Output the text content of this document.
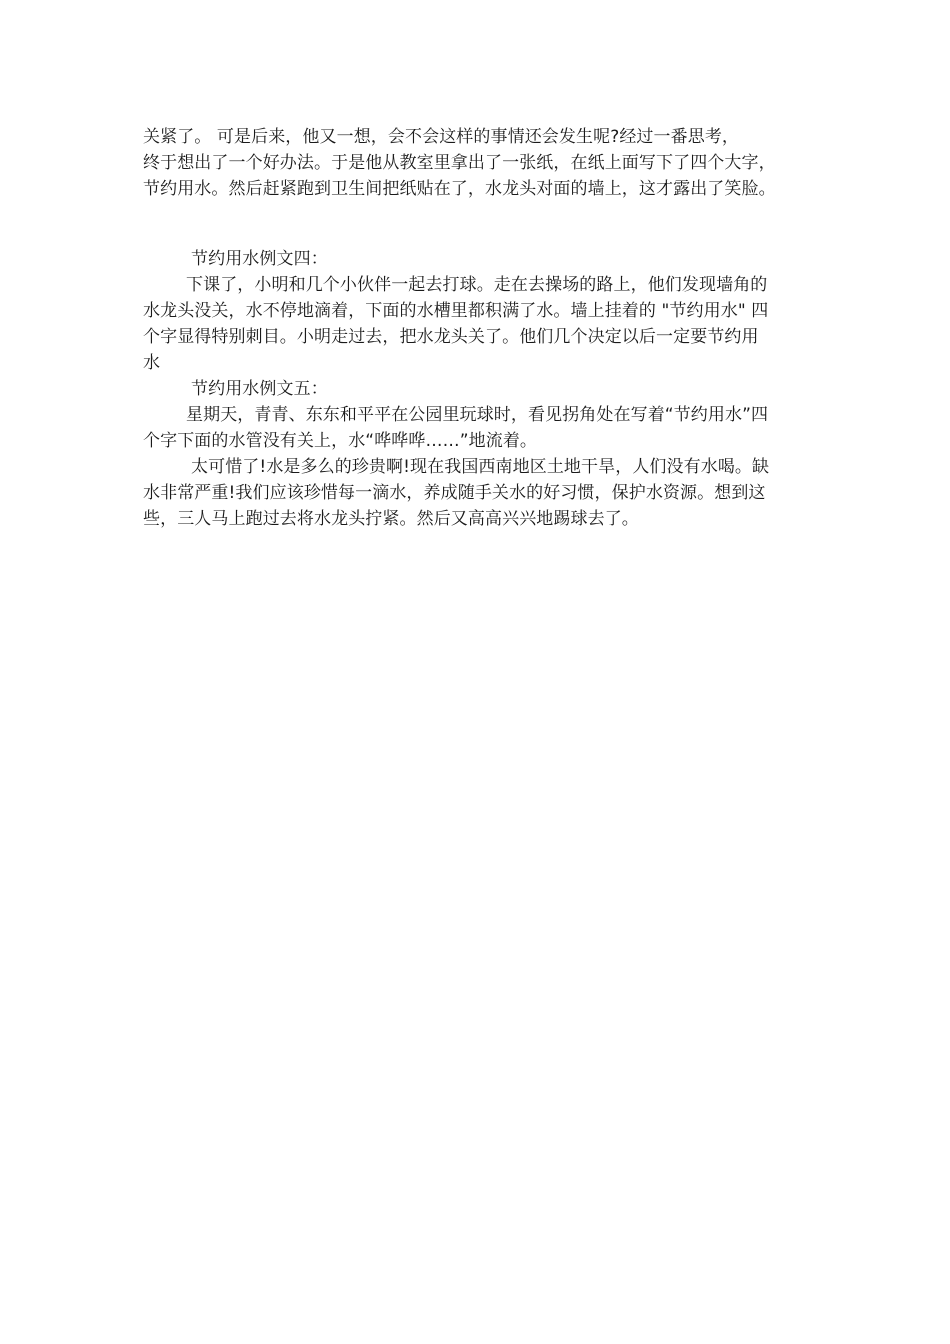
关紧了。 可是后来，他又一想，会不会这样的事情还会发生呢?经过一番思考，
终于想出了一个好办法。于是他从教室里拿出了一张纸，在纸上面写下了四个大字，
节约用水。然后赶紧跑到卫生间把纸贴在了，水龙头对面的墙上，这才露出了笑脸。
节约用水例文四：
下课了，小明和几个小伙伴一起去打球。走在去操场的路上，他们发现墙角的
水龙头没关，水不停地滴着，下面的水槽里都积满了水。墙上挂着的 "节约用水" 四
个字显得特别刺目。小明走过去，把水龙头关了。他们几个决定以后一定要节约用
水
节约用水例文五：
星期天，青青、东东和平平在公园里玩球时，看见拐角处在写着“节约用水”四
个字下面的水管没有关上，水“哗哗哗……”地流着。
太可惜了!水是多么的珍贵啊!现在我国西南地区土地干旱，人们没有水喝。缺
水非常严重!我们应该珍惜每一滴水，养成随手关水的好习惯，保护水资源。想到这
些，三人马上跑过去将水龙头拧紧。然后又高高兴兴地踢球去了。
